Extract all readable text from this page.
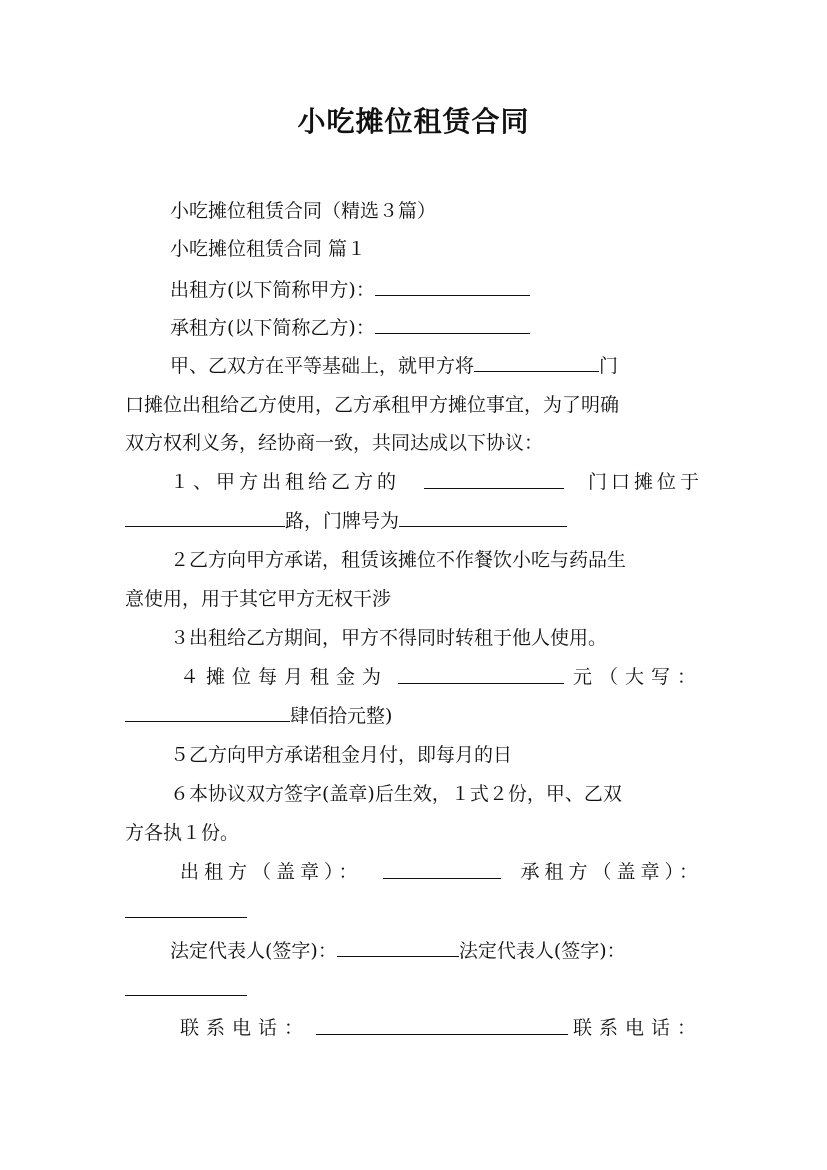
小吃摊位租赁合同
小吃摊位租赁合同（精选３篇）
小吃摊位租赁合同 篇１
出租方(以下简称甲方)：
承租方(以下简称乙方)：
甲、乙双方在平等基础上，就甲方将	门
口摊位出租给乙方使用，乙方承租甲方摊位事宜，为了明确
双方权利义务，经协商一致，共同达成以下协议：
１、甲方出租给乙方的	门口摊位于
路，门牌号为
２乙方向甲方承诺，租赁该摊位不作餐饮小吃与药品生
意使用，用于其它甲方无权干涉
３出租给乙方期间，甲方不得同时转租于他人使用。
４摊位每月租金为	元（大写：
肆佰拾元整)
５乙方向甲方承诺租金月付，即每月的日
６本协议双方签字(盖章)后生效，１式２份，甲、乙双
方各执１份。
出租方（盖章）：	承租方（盖章）：
法定代表人(签字)：	法定代表人(签字)：
联系电话：	联系电话：
